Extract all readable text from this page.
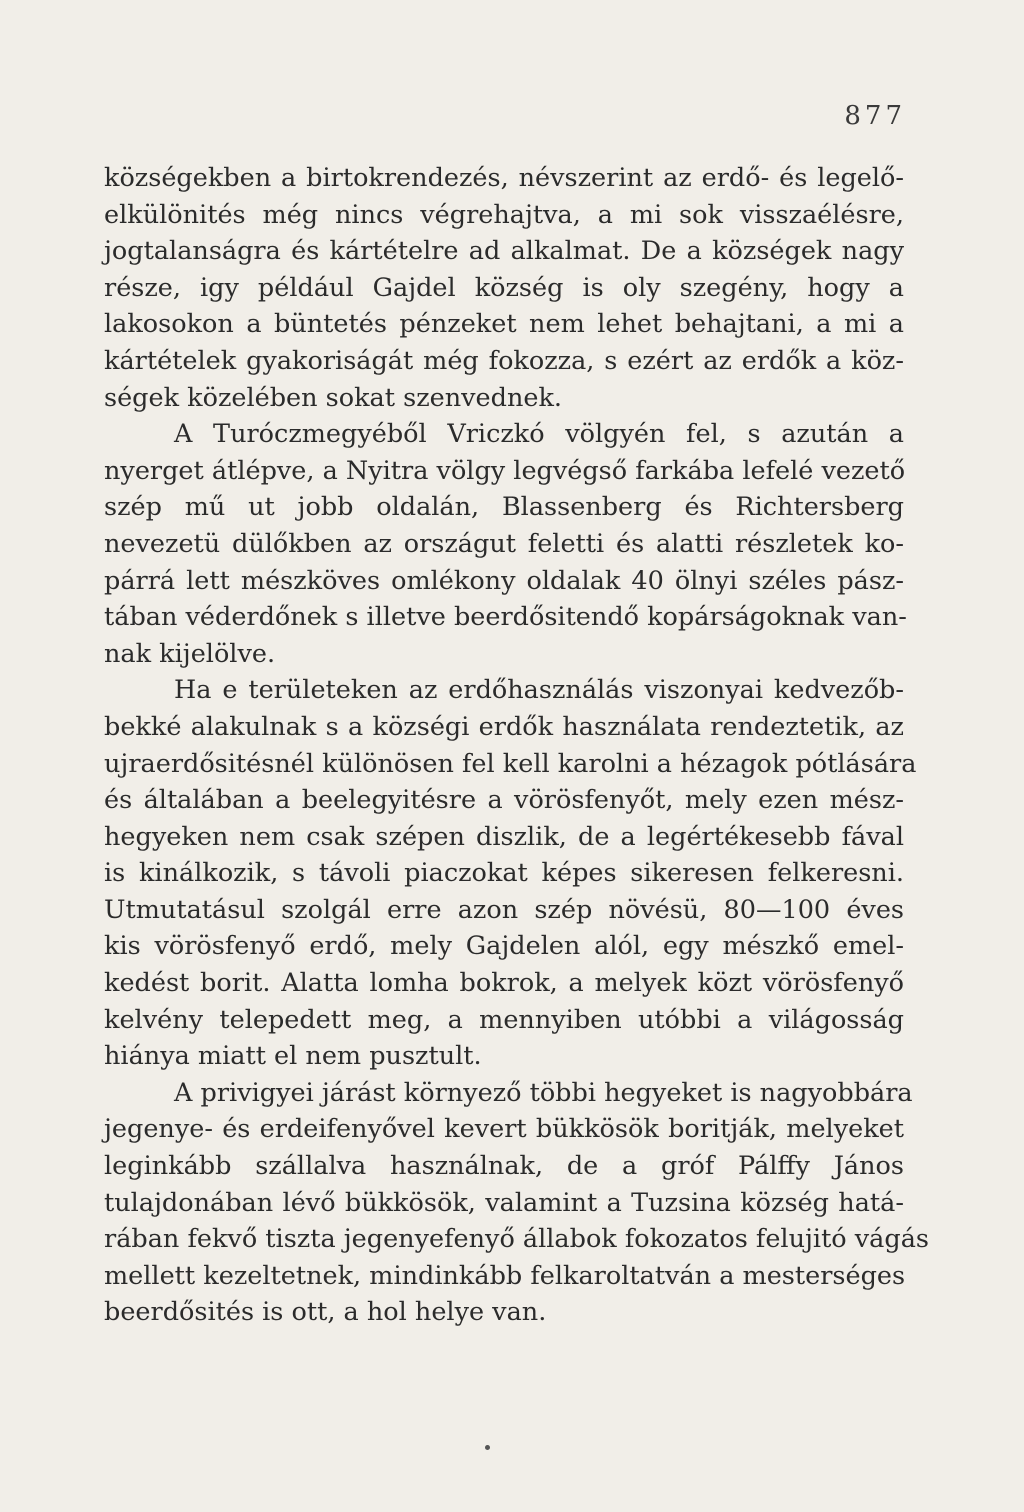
877
községekben a birtokrendezés, névszerint az erdő- és legelő-
elkülönités még nincs végrehajtva, a mi sok visszaélésre,
jogtalanságra és kártételre ad alkalmat. De a községek nagy
része, igy például Gajdel község is oly szegény, hogy a
lakosokon a büntetés pénzeket nem lehet behajtani, a mi a
kártételek gyakoriságát még fokozza, s ezért az erdők a köz-
ségek közelében sokat szenvednek.
A Turóczmegyéből Vriczkó völgyén fel, s azután a
nyerget átlépve, a Nyitra völgy legvégső farkába lefelé vezető
szép mű ut jobb oldalán, Blassenberg és Richtersberg
nevezetü dülőkben az országut feletti és alatti részletek ko-
párrá lett mészköves omlékony oldalak 40 ölnyi széles pász-
tában véderdőnek s illetve beerdősitendő kopárságoknak van-
nak kijelölve.
Ha e területeken az erdőhasználás viszonyai kedvezőb-
bekké alakulnak s a községi erdők használata rendeztetik, az
ujraerdősitésnél különösen fel kell karolni a hézagok pótlására
és általában a beelegyitésre a vörösfenyőt, mely ezen mész-
hegyeken nem csak szépen diszlik, de a legértékesebb fával
is kinálkozik, s távoli piaczokat képes sikeresen felkeresni.
Utmutatásul szolgál erre azon szép növésü, 80—100 éves
kis vörösfenyő erdő, mely Gajdelen alól, egy mészkő emel-
kedést borit. Alatta lomha bokrok, a melyek közt vörösfenyő
kelvény telepedett meg, a mennyiben utóbbi a világosság
hiánya miatt el nem pusztult.
A privigyei járást környező többi hegyeket is nagyobbára
jegenye- és erdeifenyővel kevert bükkösök boritják, melyeket
leginkább szállalva használnak, de a gróf Pálffy János
tulajdonában lévő bükkösök, valamint a Tuzsina község hatá-
rában fekvő tiszta jegenyefenyő állabok fokozatos felujitó vágás
mellett kezeltetnek, mindinkább felkaroltatván a mesterséges
beerdősités is ott, a hol helye van.
